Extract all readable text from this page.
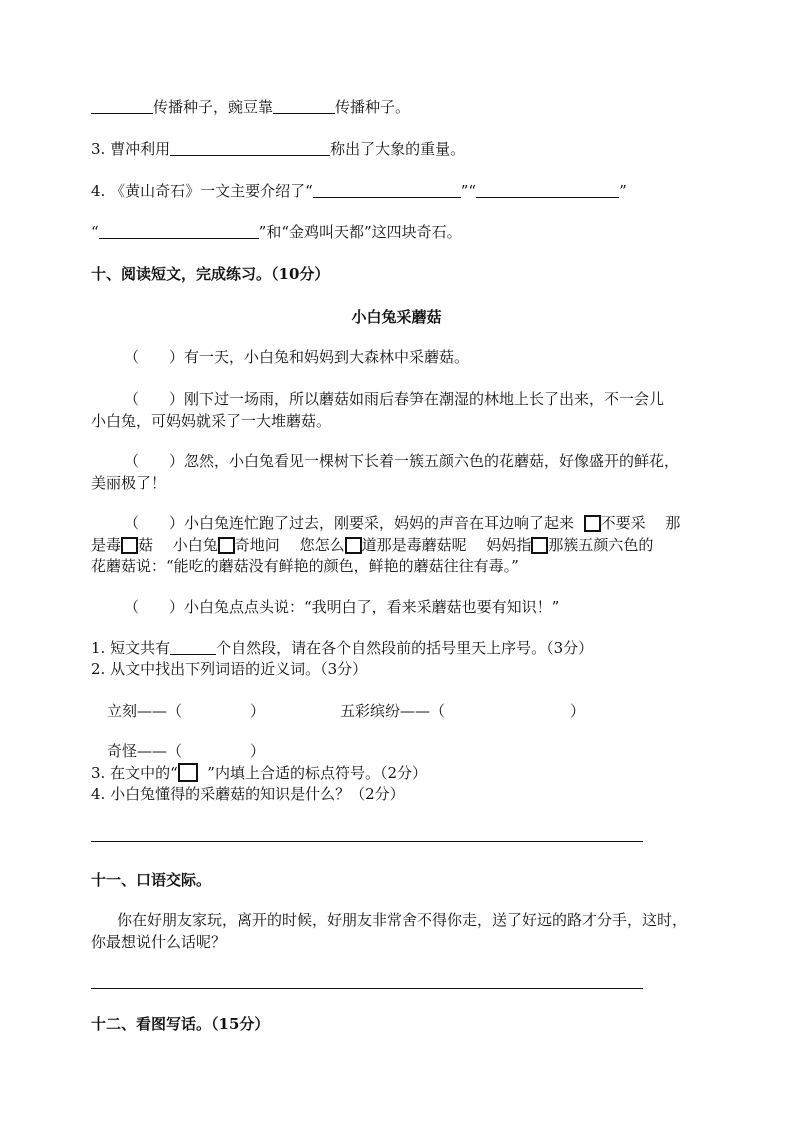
传播种子，豌豆靠	传播种子。
3. 曹冲利用	称出了大象的重量。
4. 《黄山奇石》一文主要介绍了“	”“	”
“	”和“金鸡叫天都”这四块奇石。
十、阅读短文，完成练习。（10分）
小白兔采蘑菇
（　　）有一天，小白兔和妈妈到大森林中采蘑菇。
（　　）刚下过一场雨，所以蘑菇如雨后春笋在潮湿的林地上长了出来，不一会儿
小白兔，可妈妈就采了一大堆蘑菇。
（　　）忽然，小白兔看见一棵树下长着一簇五颜六色的花蘑菇，好像盛开的鲜花，
美丽极了！
（　　）小白兔连忙跑了过去，刚要采，妈妈的声音在耳边响了起来 不要采　 那
是毒 菇　 小白兔 奇地问　 您怎么 道那是毒蘑菇呢　 妈妈指 那簇五颜六色的
花蘑菇说：“能吃的蘑菇没有鲜艳的颜色，鲜艳的蘑菇往往有毒。”
（　　）小白兔点点头说：“我明白了，看来采蘑菇也要有知识！”
1. 短文共有	个自然段，请在各个自然段前的括号里天上序号。（3分）
2. 从文中找出下列词语的近义词。（3分）
立刻——（	）	五彩缤纷——（	）
奇怪——（	）
3. 在文中的“ ”内填上合适的标点符号。（2分）
4. 小白兔懂得的采蘑菇的知识是什么？（2分）
十一、口语交际。
你在好朋友家玩，离开的时候，好朋友非常舍不得你走，送了好远的路才分手，这时，
你最想说什么话呢？
十二、看图写话。（15分）
